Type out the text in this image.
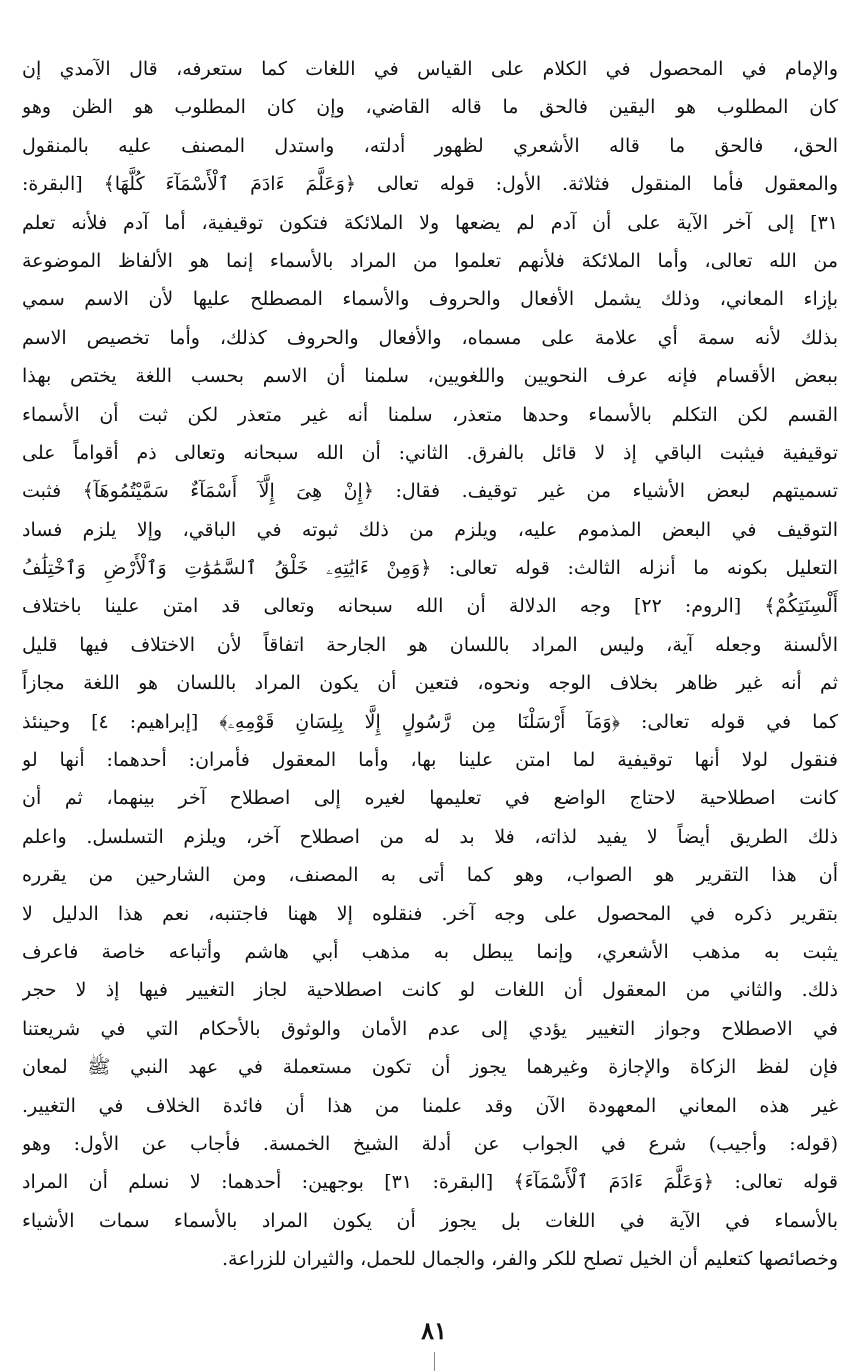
والإمام في المحصول في الكلام على القياس في اللغات كما ستعرفه، قال الآمدي إن
كان المطلوب هو اليقين فالحق ما قاله القاضي، وإن كان المطلوب هو الظن وهو
الحق، فالحق ما قاله الأشعري لظهور أدلته، واستدل المصنف عليه بالمنقول
والمعقول فأما المنقول فثلاثة. الأول: قوله تعالى ﴿وَعَلَّمَ ءَادَمَ ٱلْأَسْمَآءَ كُلَّهَا﴾ [البقرة:
٣١] إلى آخر الآية على أن آدم لم يضعها ولا الملائكة فتكون توقيفية، أما آدم فلأنه تعلم
من الله تعالى، وأما الملائكة فلأنهم تعلموا من المراد بالأسماء إنما هو الألفاظ الموضوعة
بإزاء المعاني، وذلك يشمل الأفعال والحروف والأسماء المصطلح عليها لأن الاسم سمي
بذلك لأنه سمة أي علامة على مسماه، والأفعال والحروف كذلك، وأما تخصيص الاسم
ببعض الأقسام فإنه عرف النحويين واللغويين، سلمنا أن الاسم بحسب اللغة يختص بهذا
القسم لكن التكلم بالأسماء وحدها متعذر، سلمنا أنه غير متعذر لكن ثبت أن الأسماء
توقيفية فيثبت الباقي إذ لا قائل بالفرق. الثاني: أن الله سبحانه وتعالى ذم أقواماً على
تسميتهم لبعض الأشياء من غير توقيف. فقال: ﴿إِنْ هِىَ إِلَّآ أَسْمَآءٌ سَمَّيْتُمُوهَآ﴾ فثبت
التوقيف في البعض المذموم عليه، ويلزم من ذلك ثبوته في الباقي، وإلا يلزم فساد
التعليل بكونه ما أنزله الثالث: قوله تعالى: ﴿وَمِنْ ءَايَٰتِهِۦ خَلْقُ ٱلسَّمَٰوَٰتِ وَٱلْأَرْضِ وَٱخْتِلَٰفُ
أَلْسِنَتِكُمْ﴾ [الروم: ٢٢] وجه الدلالة أن الله سبحانه وتعالى قد امتن علينا باختلاف
الألسنة وجعله آية، وليس المراد باللسان هو الجارحة اتفاقاً لأن الاختلاف فيها قليل
ثم أنه غير ظاهر بخلاف الوجه ونحوه، فتعين أن يكون المراد باللسان هو اللغة مجازاً
كما في قوله تعالى: ﴿وَمَآ أَرْسَلْنَا مِن رَّسُولٍ إِلَّا بِلِسَانِ قَوْمِهِۦ﴾ [إبراهيم: ٤] وحينئذ
فنقول لولا أنها توقيفية لما امتن علينا بها، وأما المعقول فأمران: أحدهما: أنها لو
كانت اصطلاحية لاحتاج الواضع في تعليمها لغيره إلى اصطلاح آخر بينهما، ثم أن
ذلك الطريق أيضاً لا يفيد لذاته، فلا بد له من اصطلاح آخر، ويلزم التسلسل. واعلم
أن هذا التقرير هو الصواب، وهو كما أتى به المصنف، ومن الشارحين من يقرره
بتقرير ذكره في المحصول على وجه آخر. فنقلوه إلا ههنا فاجتنبه، نعم هذا الدليل لا
يثبت به مذهب الأشعري، وإنما يبطل به مذهب أبي هاشم وأتباعه خاصة فاعرف
ذلك. والثاني من المعقول أن اللغات لو كانت اصطلاحية لجاز التغيير فيها إذ لا حجر
في الاصطلاح وجواز التغيير يؤدي إلى عدم الأمان والوثوق بالأحكام التي في شريعتنا
فإن لفظ الزكاة والإجازة وغيرهما يجوز أن تكون مستعملة في عهد النبي ﷺ لمعان
غير هذه المعاني المعهودة الآن وقد علمنا من هذا أن فائدة الخلاف في التغيير.
(قوله: وأجيب) شرع في الجواب عن أدلة الشيخ الخمسة. فأجاب عن الأول: وهو
قوله تعالى: ﴿وَعَلَّمَ ءَادَمَ ٱلْأَسْمَآءَ﴾ [البقرة: ٣١] بوجهين: أحدهما: لا نسلم أن المراد
بالأسماء في الآية في اللغات بل يجوز أن يكون المراد بالأسماء سمات الأشياء
وخصائصها كتعليم أن الخيل تصلح للكر والفر، والجمال للحمل، والثيران للزراعة.
٨١
